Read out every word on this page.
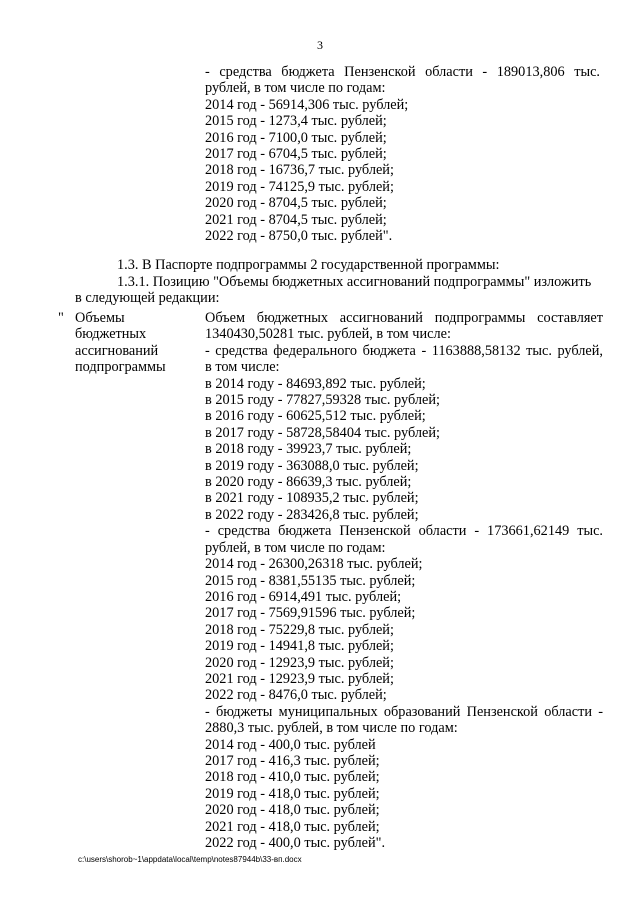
3
- средства бюджета Пензенской области - 189013,806 тыс.
рублей, в том числе по годам:
2014 год - 56914,306 тыс. рублей;
2015 год - 1273,4 тыс. рублей;
2016 год - 7100,0 тыс. рублей;
2017 год - 6704,5 тыс. рублей;
2018 год - 16736,7 тыс. рублей;
2019 год - 74125,9 тыс. рублей;
2020 год - 8704,5 тыс. рублей;
2021 год - 8704,5 тыс. рублей;
2022 год - 8750,0 тыс. рублей".
1.3. В Паспорте подпрограммы 2 государственной программы:
1.3.1. Позицию "Объемы бюджетных ассигнований подпрограммы" изложить
в следующей редакции:
" Объемы
бюджетных
ассигнований
подпрограммы
Объем бюджетных ассигнований подпрограммы составляет
1340430,50281 тыс. рублей, в том числе:
- средства федерального бюджета - 1163888,58132 тыс. рублей,
в том числе:
в 2014 году - 84693,892 тыс. рублей;
в 2015 году - 77827,59328 тыс. рублей;
в 2016 году - 60625,512 тыс. рублей;
в 2017 году - 58728,58404 тыс. рублей;
в 2018 году - 39923,7 тыс. рублей;
в 2019 году - 363088,0 тыс. рублей;
в 2020 году - 86639,3 тыс. рублей;
в 2021 году - 108935,2 тыс. рублей;
в 2022 году - 283426,8 тыс. рублей;
- средства бюджета Пензенской области - 173661,62149 тыс.
рублей, в том числе по годам:
2014 год - 26300,26318 тыс. рублей;
2015 год - 8381,55135 тыс. рублей;
2016 год - 6914,491 тыс. рублей;
2017 год - 7569,91596 тыс. рублей;
2018 год - 75229,8 тыс. рублей;
2019 год - 14941,8 тыс. рублей;
2020 год - 12923,9 тыс. рублей;
2021 год - 12923,9 тыс. рублей;
2022 год - 8476,0 тыс. рублей;
- бюджеты муниципальных образований Пензенской области -
2880,3 тыс. рублей, в том числе по годам:
2014 год - 400,0 тыс. рублей
2017 год - 416,3 тыс. рублей;
2018 год - 410,0 тыс. рублей;
2019 год - 418,0 тыс. рублей;
2020 год - 418,0 тыс. рублей;
2021 год - 418,0 тыс. рублей;
2022 год - 400,0 тыс. рублей".
c:\users\shorob~1\appdata\local\temp\notes87944b\33-вп.docx
